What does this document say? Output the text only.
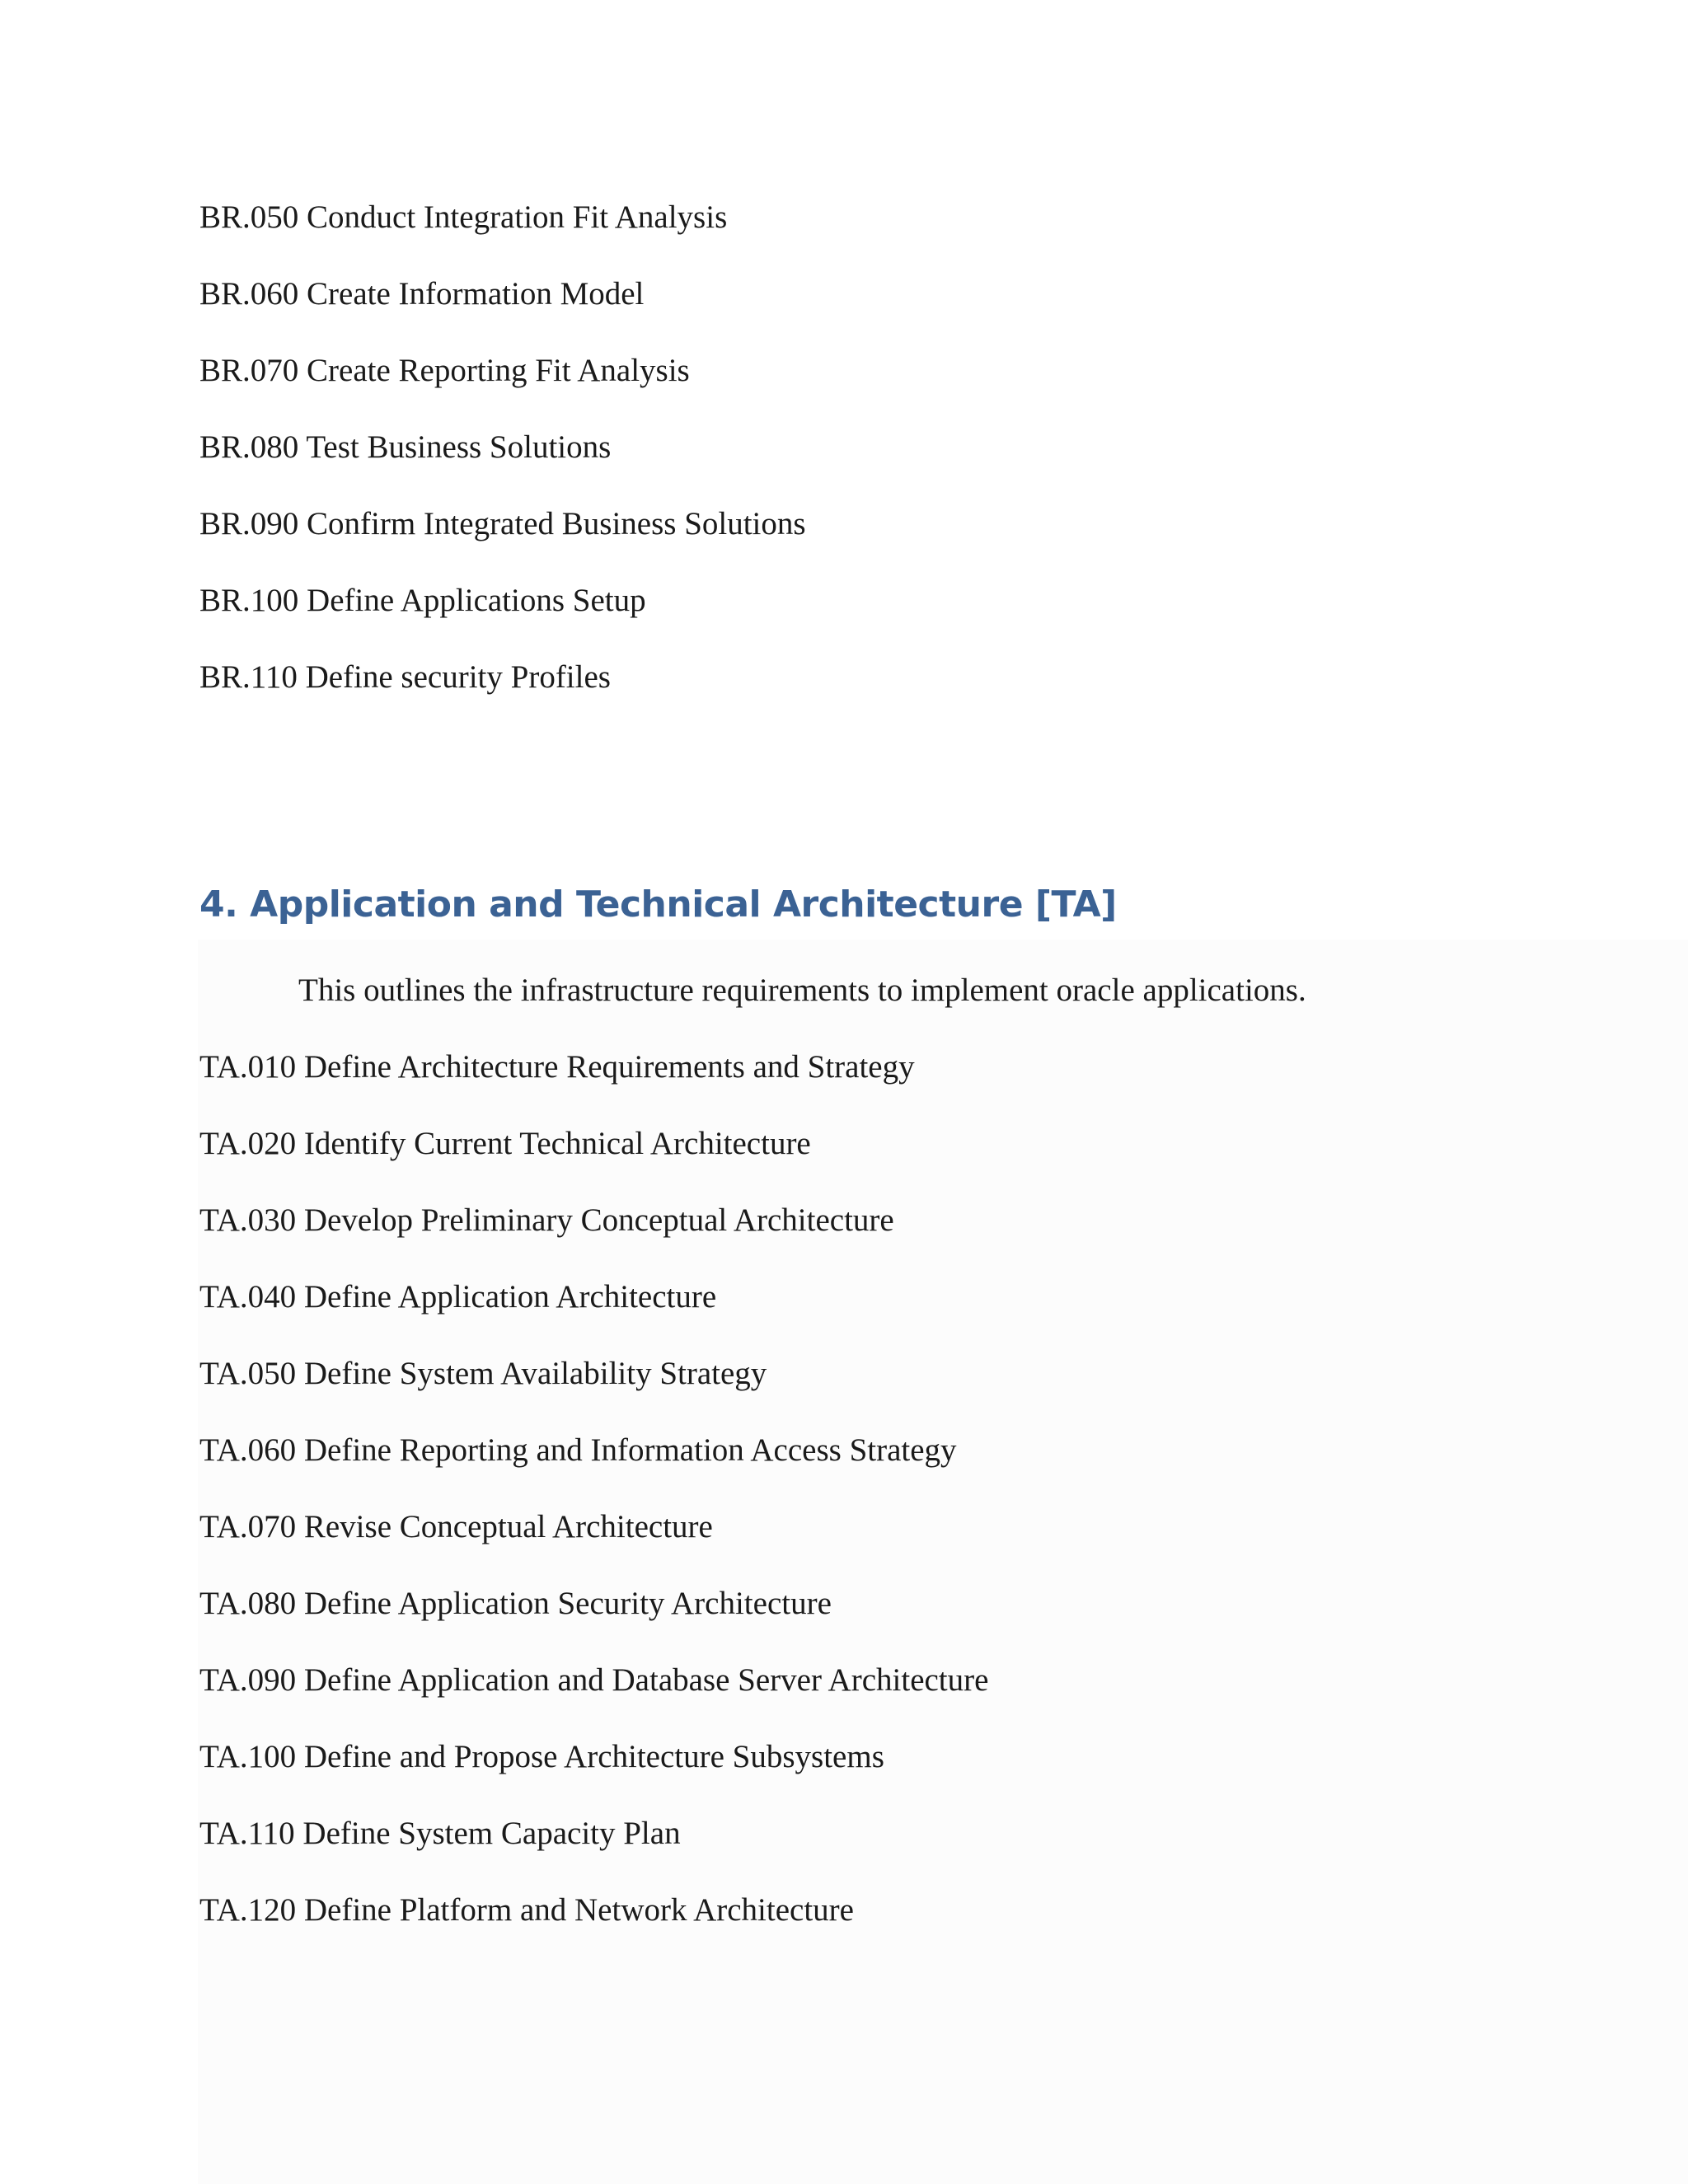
BR.050 Conduct Integration Fit Analysis

BR.060 Create Information Model

BR.070 Create Reporting Fit Analysis

BR.080 Test Business Solutions

BR.090 Confirm Integrated Business Solutions

BR.100 Define Applications Setup

BR.110 Define security Profiles

4. Application and Technical Architecture [TA]

This outlines the infrastructure requirements to implement oracle applications.

TA.010 Define Architecture Requirements and Strategy

TA.020 Identify Current Technical Architecture

TA.030 Develop Preliminary Conceptual Architecture

TA.040 Define Application Architecture

TA.050 Define System Availability Strategy

TA.060 Define Reporting and Information Access Strategy

TA.070 Revise Conceptual Architecture

TA.080 Define Application Security Architecture

TA.090 Define Application and Database Server Architecture

TA.100 Define and Propose Architecture Subsystems

TA.110 Define System Capacity Plan

TA.120 Define Platform and Network Architecture
